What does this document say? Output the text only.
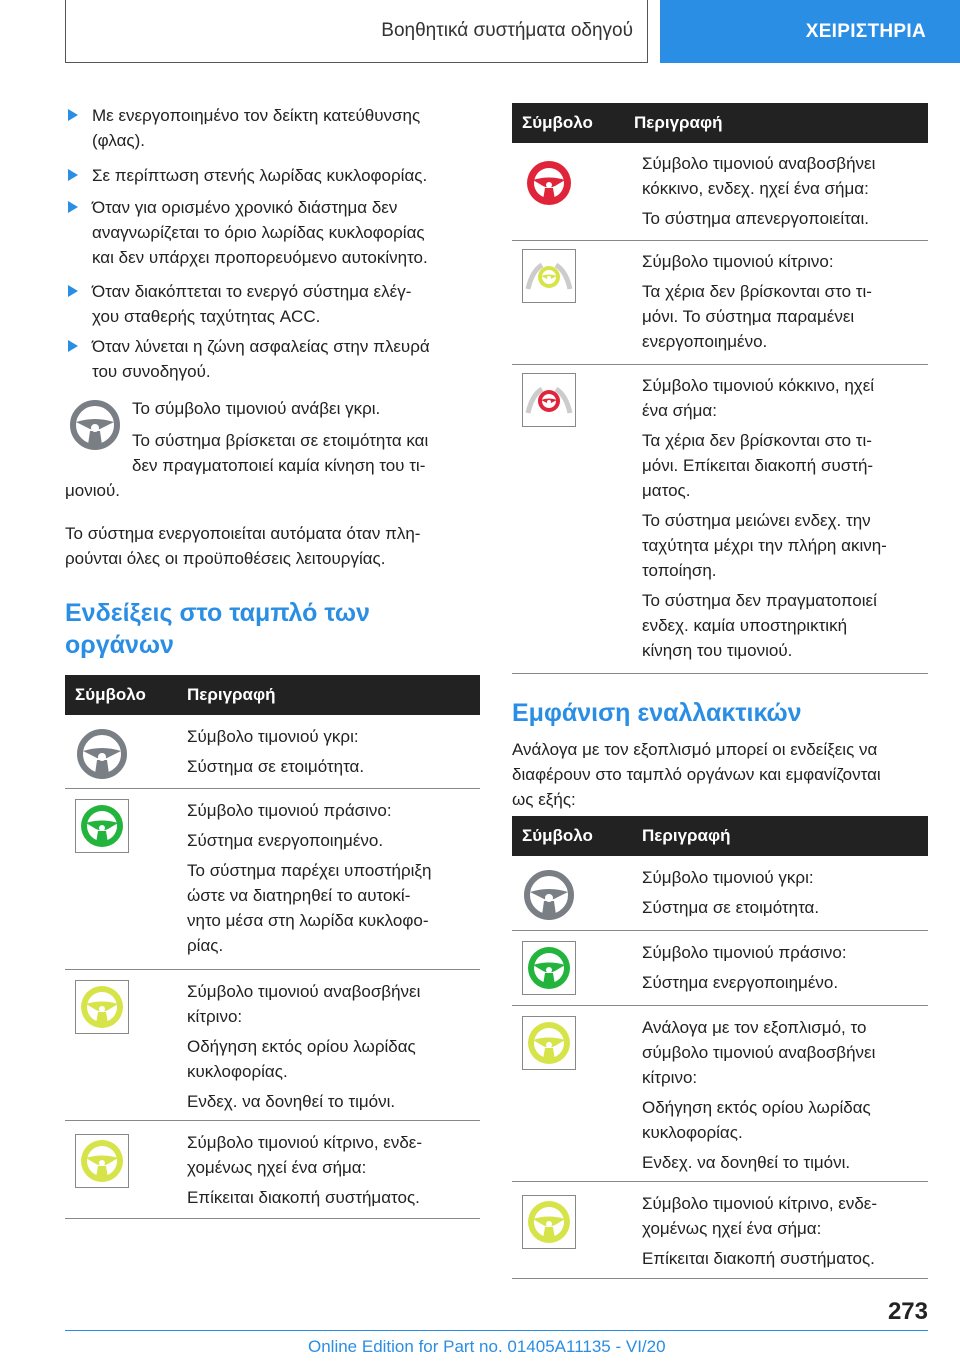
Βοηθητικά συστήματα οδηγού	ΧΕΙΡΙΣΤΗΡΙΑ
Με ενεργοποιημένο τον δείκτη κατεύθυνσης
(φλας).
Σε περίπτωση στενής λωρίδας κυκλοφορίας.
Όταν για ορισμένο χρονικό διάστημα δεν
αναγνωρίζεται το όριο λωρίδας κυκλοφορίας
και δεν υπάρχει προπορευόμενο αυτοκίνητο.
Όταν διακόπτεται το ενεργό σύστημα ελέγ-
χου σταθερής ταχύτητας ACC.
Όταν λύνεται η ζώνη ασφαλείας στην πλευρά
του συνοδηγού.
Το σύμβολο τιμονιού ανάβει γκρι.
Το σύστημα βρίσκεται σε ετοιμότητα και
δεν πραγματοποιεί καμία κίνηση του τι-
μονιού.
Το σύστημα ενεργοποιείται αυτόματα όταν πλη-
ρούνται όλες οι προϋποθέσεις λειτουργίας.
Ενδείξεις στο ταμπλό των
οργάνων
Σύμβολο Περιγραφή

Σύμβολο τιμονιού γκρι:

Σύστημα σε ετοιμότητα.

Σύμβολο τιμονιού πράσινο:

Σύστημα ενεργοποιημένο.

Το σύστημα παρέχει υποστήριξη
ώστε να διατηρηθεί το αυτοκί-
νητο μέσα στη λωρίδα κυκλοφο-
ρίας.

Σύμβολο τιμονιού αναβοσβήνει
κίτρινο:

Οδήγηση εκτός ορίου λωρίδας
κυκλοφορίας.

Ενδεχ. να δονηθεί το τιμόνι.

Σύμβολο τιμονιού κίτρινο, ενδε-
χομένως ηχεί ένα σήμα:

Επίκειται διακοπή συστήματος.

Σύμβολο Περιγραφή

Σύμβολο τιμονιού αναβοσβήνει
κόκκινο, ενδεχ. ηχεί ένα σήμα:

Το σύστημα απενεργοποιείται.

Σύμβολο τιμονιού κίτρινο:

Τα χέρια δεν βρίσκονται στο τι-
μόνι. Το σύστημα παραμένει
ενεργοποιημένο.

Σύμβολο τιμονιού κόκκινο, ηχεί
ένα σήμα:

Τα χέρια δεν βρίσκονται στο τι-
μόνι. Επίκειται διακοπή συστή-
ματος.

Το σύστημα μειώνει ενδεχ. την
ταχύτητα μέχρι την πλήρη ακινη-
τοποίηση.

Το σύστημα δεν πραγματοποιεί
ενδεχ. καμία υποστηρικτική
κίνηση του τιμονιού.

Εμφάνιση εναλλακτικών
Ανάλογα με τον εξοπλισμό μπορεί οι ενδείξεις να
διαφέρουν στο ταμπλό οργάνων και εμφανίζονται
ως εξής:
Σύμβολο	Περιγραφή

Σύμβολο τιμονιού γκρι:

Σύστημα σε ετοιμότητα.

Σύμβολο τιμονιού πράσινο:

Σύστημα ενεργοποιημένο.

Ανάλογα με τον εξοπλισμό, το
σύμβολο τιμονιού αναβοσβήνει
κίτρινο:

Οδήγηση εκτός ορίου λωρίδας
κυκλοφορίας.

Ενδεχ. να δονηθεί το τιμόνι.

Σύμβολο τιμονιού κίτρινο, ενδε-
χομένως ηχεί ένα σήμα:

Επίκειται διακοπή συστήματος.

273
Online Edition for Part no. 01405A11135 - VI/20
